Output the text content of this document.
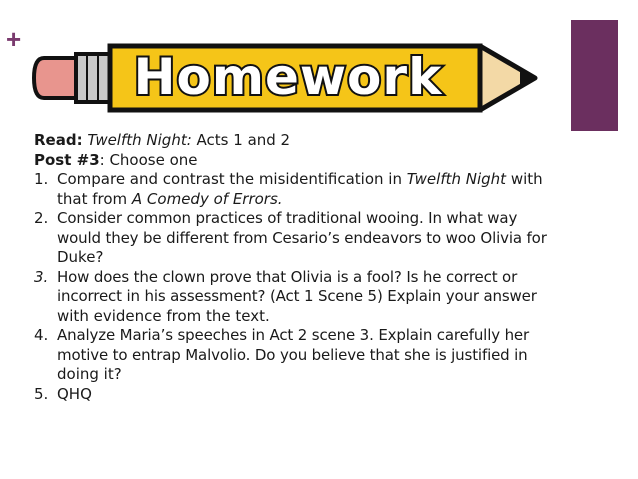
+
Homework

Read: Twelfth Night: Acts 1 and 2

Post #3: Choose one

1. Compare and contrast the misidentification in Twelfth Night with
that from A Comedy of Errors.
2. Consider common practices of traditional wooing. In what way
would they be different from Cesario’s endeavors to woo Olivia for
Duke?
3. How does the clown prove that Olivia is a fool? Is he correct or
incorrect in his assessment? (Act 1 Scene 5) Explain your answer
with evidence from the text.
4. Analyze Maria’s speeches in Act 2 scene 3. Explain carefully her
motive to entrap Malvolio. Do you believe that she is justified in
doing it?
5. QHQ
